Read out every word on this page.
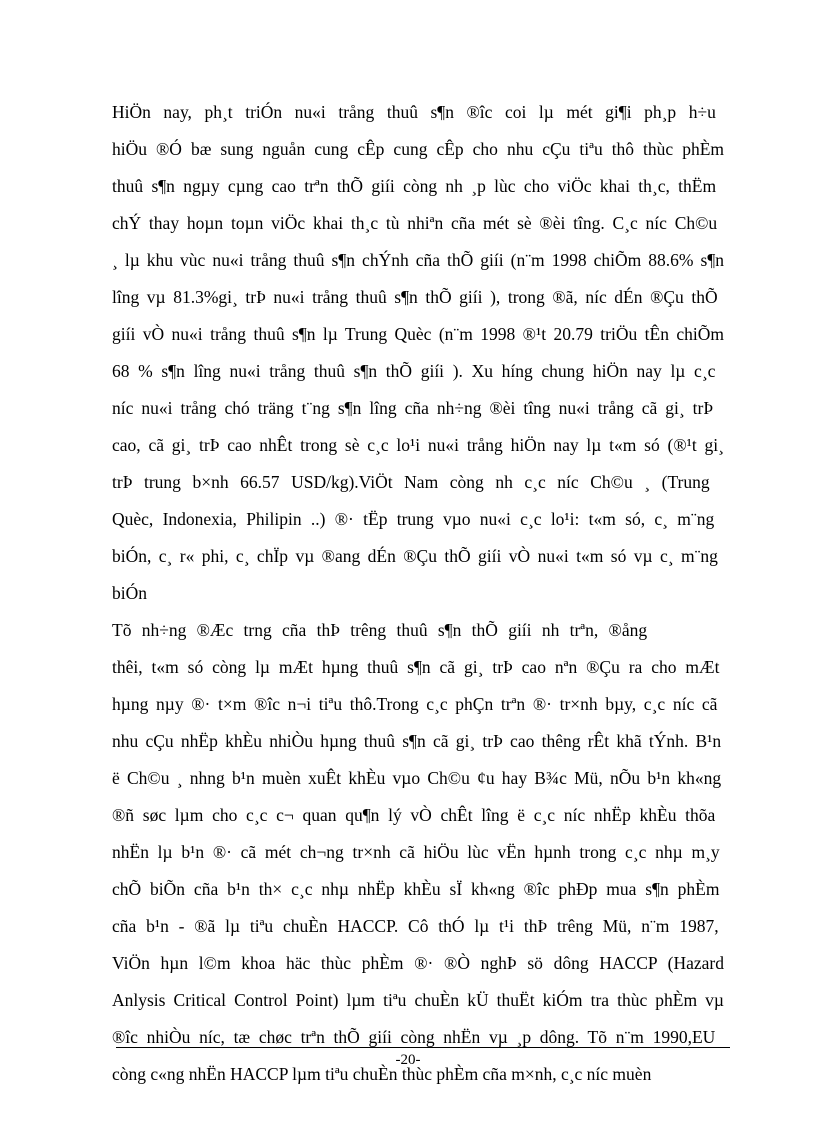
HiÖn nay, ph¸t triÓn nu«i trång thuû s¶n ®îc coi lµ mét gi¶i ph¸p h÷u
hiÖu ®Ó bæ sung nguån cung cÊp cung cÊp cho nhu cÇu tiªu thô thùc phÈm
thuû s¶n ngµy cµng cao trªn thÕ giíi còng nh ¸p lùc cho viÖc khai th¸c, thËm
chÝ thay hoµn toµn viÖc khai th¸c tù nhiªn cña mét sè ®èi tîng. C¸c níc Ch©u
¸ lµ khu vùc nu«i trång thuû s¶n chÝnh cña thÕ giíi (n¨m 1998 chiÕm 88.6% s¶n
lîng vµ 81.3%gi¸ trÞ nu«i trång thuû s¶n thÕ giíi ), trong ®ã, níc dÉn ®Çu thÕ
giíi vÒ nu«i trång thuû s¶n lµ Trung Quèc (n¨m 1998 ®¹t 20.79 triÖu tÊn chiÕm
68 % s¶n lîng nu«i trång thuû s¶n thÕ giíi ). Xu híng chung hiÖn nay lµ c¸c
níc nu«i trång chó träng t¨ng s¶n lîng cña nh÷ng ®èi tîng nu«i trång cã gi¸ trÞ
cao, cã gi¸ trÞ cao nhÊt trong sè c¸c lo¹i nu«i trång hiÖn nay lµ t«m só (®¹t gi¸
trÞ trung b×nh 66.57 USD/kg).ViÖt Nam còng nh c¸c níc Ch©u ¸ (Trung
Quèc, Indonexia, Philipin ..) ®· tËp trung vµo nu«i c¸c lo¹i: t«m só, c¸ m¨ng
biÓn, c¸ r« phi, c¸ chÏp vµ ®ang dÉn ®Çu thÕ giíi vÒ nu«i t«m só vµ c¸ m¨ng
biÓn
Tõ nh÷ng ®Æc trng cña thÞ trêng thuû s¶n thÕ giíi nh trªn, ®ång
thêi, t«m só còng lµ mÆt hµng thuû s¶n cã gi¸ trÞ cao nªn ®Çu ra cho mÆt
hµng nµy ®· t×m ®îc n¬i tiªu thô.Trong c¸c phÇn trªn ®· tr×nh bµy, c¸c níc cã
nhu cÇu nhËp khÈu nhiÒu hµng thuû s¶n cã gi¸ trÞ cao thêng rÊt khã tÝnh. B¹n
ë Ch©u ¸ nhng b¹n muèn xuÊt khÈu vµo Ch©u ¢u hay B¾c Mü, nÕu b¹n kh«ng
®ñ søc lµm cho c¸c c¬ quan qu¶n lý vÒ chÊt lîng ë c¸c níc nhËp khÈu thõa
nhËn lµ b¹n ®· cã mét ch¬ng tr×nh cã hiÖu lùc vËn hµnh trong c¸c nhµ m¸y
chÕ biÕn cña b¹n th× c¸c nhµ nhËp khÈu sÏ kh«ng ®îc phÐp mua s¶n phÈm
cña b¹n - ®ã lµ tiªu chuÈn HACCP. Cô thÓ lµ t¹i thÞ trêng Mü, n¨m 1987,
ViÖn hµn l©m khoa häc thùc phÈm ®· ®Ò nghÞ sö dông HACCP (Hazard
Anlysis Critical Control Point) lµm tiªu chuÈn kÜ thuËt kiÓm tra thùc phÈm vµ
®îc nhiÒu níc, tæ chøc trªn thÕ giíi còng nhËn vµ ¸p dông. Tõ n¨m 1990,EU
còng c«ng nhËn HACCP lµm tiªu chuÈn thùc phÈm cña m×nh, c¸c níc muèn
-20-
